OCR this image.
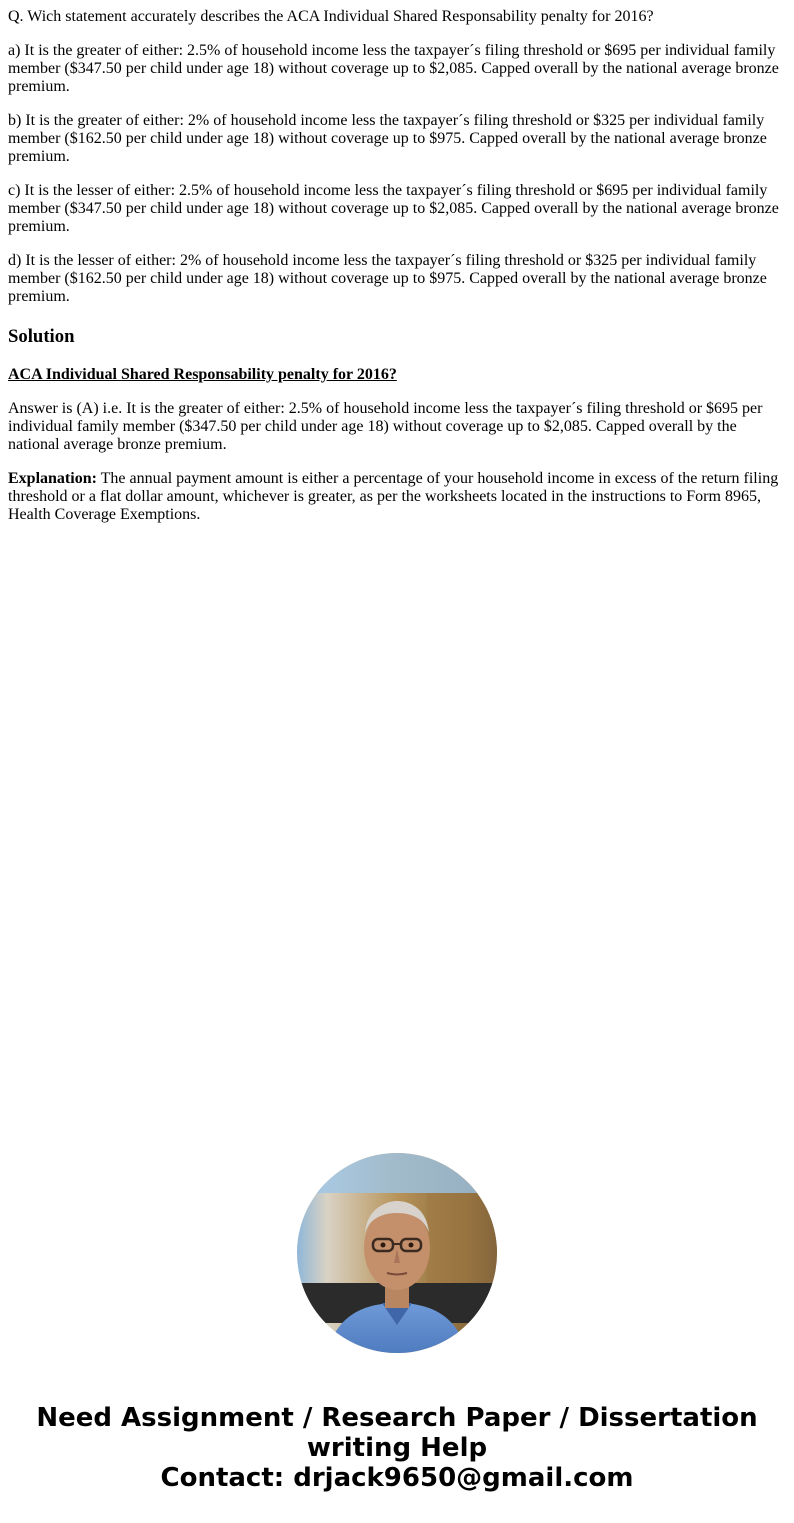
Q. Wich statement accurately describes the ACA Individual Shared Responsability penalty for 2016?

a) It is the greater of either: 2.5% of household income less the taxpayer´s filing threshold or $695 per individual family member ($347.50 per child under age 18) without coverage up to $2,085. Capped overall by the national average bronze premium.

b) It is the greater of either: 2% of household income less the taxpayer´s filing threshold or $325 per individual family member ($162.50 per child under age 18) without coverage up to $975. Capped overall by the national average bronze premium.

c) It is the lesser of either: 2.5% of household income less the taxpayer´s filing threshold or $695 per individual family member ($347.50 per child under age 18) without coverage up to $2,085. Capped overall by the national average bronze premium.

d) It is the lesser of either: 2% of household income less the taxpayer´s filing threshold or $325 per individual family member ($162.50 per child under age 18) without coverage up to $975. Capped overall by the national average bronze premium.

Solution

ACA Individual Shared Responsability penalty for 2016?

Answer is (A) i.e. It is the greater of either: 2.5% of household income less the taxpayer´s filing threshold or $695 per individual family member ($347.50 per child under age 18) without coverage up to $2,085. Capped overall by the national average bronze premium.

Explanation: The annual payment amount is either a percentage of your household income in excess of the return filing threshold or a flat dollar amount, whichever is greater, as per the worksheets located in the instructions to Form 8965, Health Coverage Exemptions.

Need Assignment / Research Paper / Dissertation
writing Help
Contact: drjack9650@gmail.com
